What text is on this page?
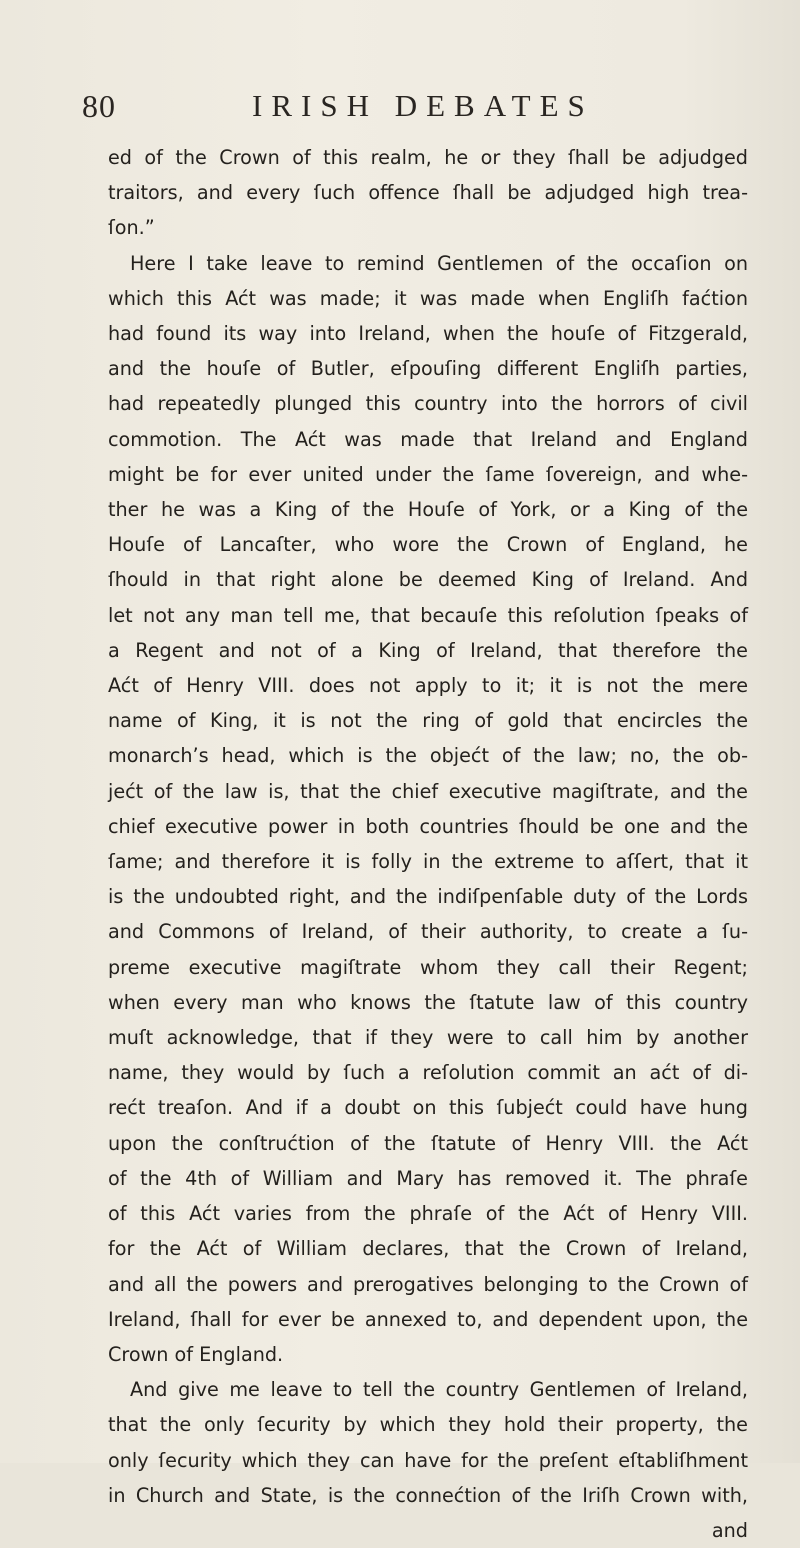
80	IRISH DEBATES
ed of the Crown of this realm, he or they ſhall be adjudged
traitors, and every ſuch offence ſhall be adjudged high trea-
ſon.”
Here I take leave to remind Gentlemen of the occaſion on
which this Aćt was made; it was made when Engliſh faćtion
had found its way into Ireland, when the houſe of Fitzgerald,
and the houſe of Butler, eſpouſing different Engliſh parties,
had repeatedly plunged this country into the horrors of civil
commotion. The Aćt was made that Ireland and England
might be for ever united under the ſame ſovereign, and whe-
ther he was a King of the Houſe of York, or a King of the
Houſe of Lancaſter, who wore the Crown of England, he
ſhould in that right alone be deemed King of Ireland. And
let not any man tell me, that becauſe this reſolution ſpeaks of
a Regent and not of a King of Ireland, that therefore the
Aćt of Henry VIII. does not apply to it; it is not the mere
name of King, it is not the ring of gold that encircles the
monarch’s head, which is the objećt of the law; no, the ob-
jećt of the law is, that the chief executive magiſtrate, and the
chief executive power in both countries ſhould be one and the
ſame; and therefore it is folly in the extreme to aſſert, that it
is the undoubted right, and the indiſpenſable duty of the Lords
and Commons of Ireland, of their authority, to create a ſu-
preme executive magiſtrate whom they call their Regent;
when every man who knows the ſtatute law of this country
muſt acknowledge, that if they were to call him by another
name, they would by ſuch a reſolution commit an aćt of di-
rećt treaſon. And if a doubt on this ſubjećt could have hung
upon the conſtrućtion of the ſtatute of Henry VIII. the Aćt
of the 4th of William and Mary has removed it. The phraſe
of this Aćt varies from the phraſe of the Aćt of Henry VIII.
for the Aćt of William declares, that the Crown of Ireland,
and all the powers and prerogatives belonging to the Crown of
Ireland, ſhall for ever be annexed to, and dependent upon, the
Crown of England.
And give me leave to tell the country Gentlemen of Ireland,
that the only ſecurity by which they hold their property, the
only ſecurity which they can have for the preſent eſtabliſhment
in Church and State, is the connećtion of the Iriſh Crown with,
and
